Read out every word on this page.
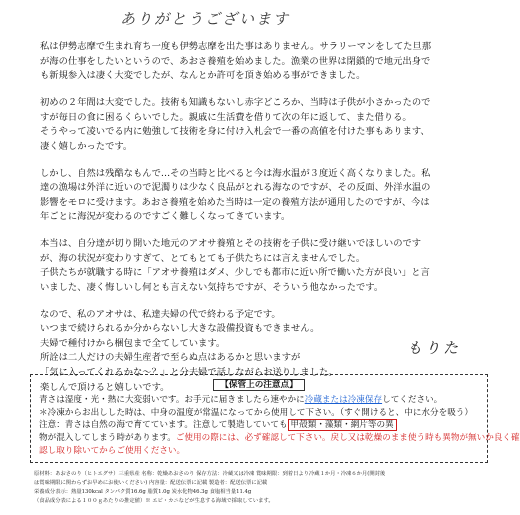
ありがとうございます

私は伊勢志摩で生まれ育ち一度も伊勢志摩を出た事はありません。サラリーマンをしてた旦那
が海の仕事をしたいというので、あおさ養殖を始めました。漁業の世界は閉鎖的で地元出身で
も新規参入は凄く大変でしたが、なんとか許可を頂き始める事ができました。

初めの２年間は大変でした。技術も知識もないし赤字どころか、当時は子供が小さかったので
すが毎日の食に困るくらいでした。親戚に生活費を借りて次の年に返して、また借りる。
そうやって凌いでる内に勉強して技術を身に付け入札会で一番の高値を付けた事もあります、
凄く嬉しかったです。

しかし、自然は残酷なもんで…その当時と比べると今は海水温が３度近く高くなりました。私
達の漁場は外洋に近いので泥濁りは少なく良品がとれる海なのですが、その反面、外洋水温の
影響をモロに受けます。あおさ養殖を始めた当時は一定の養殖方法が通用したのですが、今は
年ごとに海況が変わるのですごく難しくなってきています。

本当は、自分達が切り開いた地元のアオサ養殖とその技術を子供に受け継いでほしいのです
が、海の状況が変わりすぎて、とてもとても子供たちには言えませんでした。
子供たちが就職する時に「アオサ養殖はダメ、少しでも都市に近い所で働いた方が良い」と言
いました、凄く悔しいし何とも言えない気持ちですが、そういう他なかったです。

なので、私のアオサは、私達夫婦の代で終わる予定です。
いつまで続けられるか分からないし大きな設備投資もできません。
夫婦で種付けから梱包まで全てしています。
所詮は二人だけの夫婦生産者で至らぬ点はあるかと思いますが
「気に入ってくれるかな～？」と分夫婦で話しながらお送りしました。
楽しんで頂けると嬉しいです。

もりた
【保管上の注意点】
青さは湿度・光・熱に大変弱いです。お手元に届きましたら速やかに冷蔵または冷凍保存してください。
＊冷凍からお出しした時は、中身の温度が常温になってから使用して下さい。（すぐ開けると、中に水分を吸う）
注意：青さは自然の海で育てています。注意して製造していても 甲殻類・藻類・網片等の異
物が混入してしまう時があります。ご使用の際には、必ず確認して下さい。戻し又は乾燥のまま使う時も異物が無いか良く確
認し取り除いてからご使用ください。
原材料：あおさのり（ヒトエグサ）三重県産 名称：乾燥あおさのり 保存方法：冷蔵又は冷凍 賞味期限：到着日より冷蔵１か月・冷凍６か月(開封後
は賞味期限に関わらずお早めにお使いください) 内容量：配送伝票に記載 製造者：配送伝票に記載
栄養成分表示：熱量130kcal タンパク質16.6g 脂質1.0g 炭水化物46.3g 食塩相当量11.4g
（食品成分表による１００ｇあたりの推定値）※ エビ・カニなどが生息する海域で採取しています。
